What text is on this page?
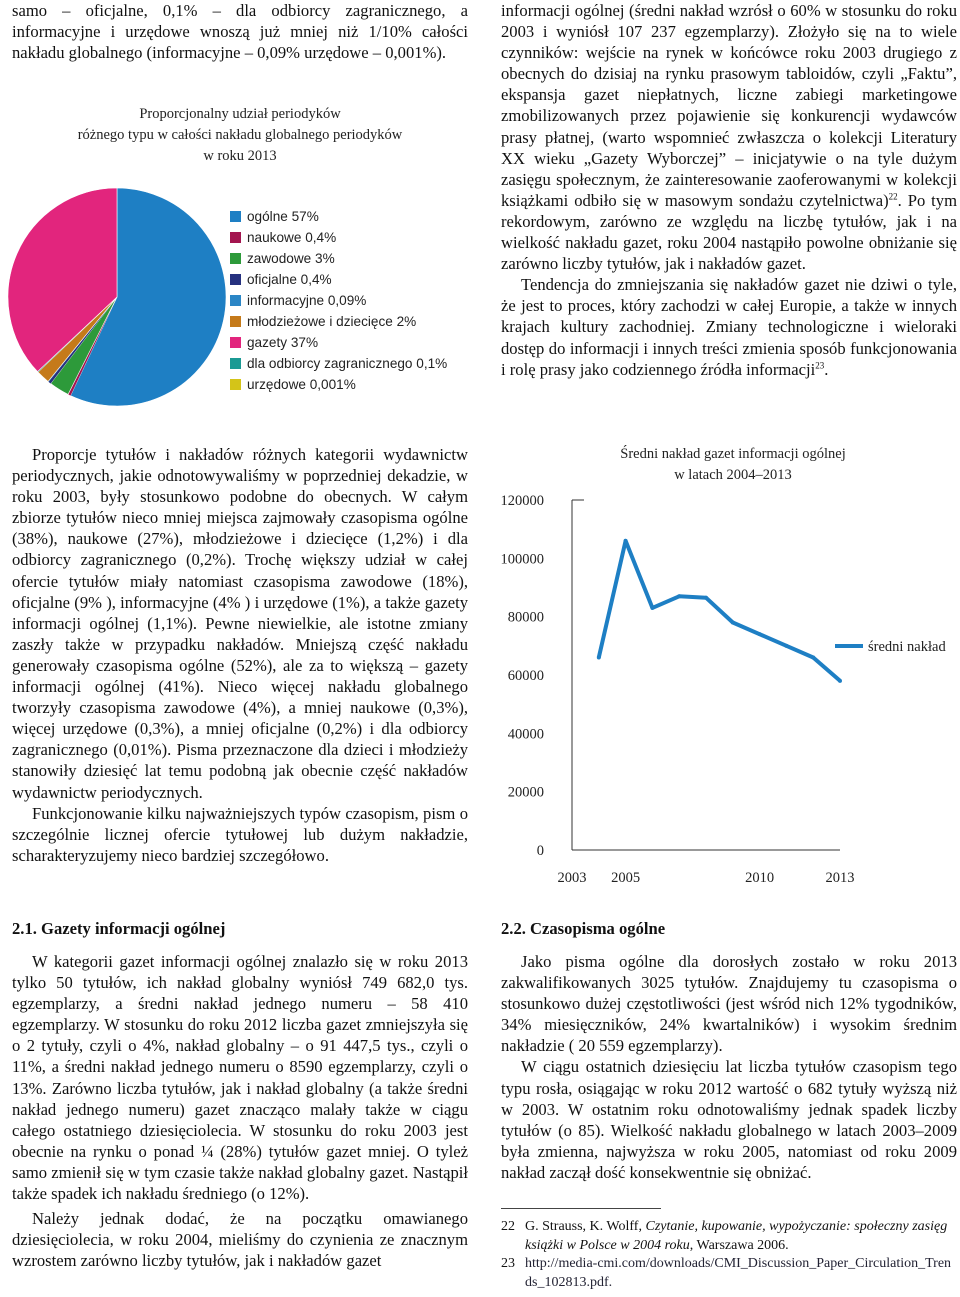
samo – oficjalne, 0,1% – dla odbiorcy zagranicznego, a informacyjne i urzędowe wnoszą już mniej niż 1/10% całości nakładu globalnego (informacyjne – 0,09% urzędowe – 0,001%).

Proporcjonalny udział periodyków
różnego typu w całości nakładu globalnego periodyków
w roku 2013
ogólne 57%
naukowe 0,4%
zawodowe 3%
oficjalne 0,4%
informacyjne 0,09%
młodzieżowe i dziecięce 2%
gazety 37%
dla odbiorcy zagranicznego 0,1%
urzędowe 0,001%

Proporcje tytułów i nakładów różnych kategorii wydawnictw periodycznych, jakie odnotowywaliśmy w poprzedniej dekadzie, w roku 2003, były stosunkowo podobne do obecnych. W całym zbiorze tytułów nieco mniej miejsca zajmowały czasopisma ogólne (38%), naukowe (27%), młodzieżowe i dziecięce (1,2%) i dla odbiorcy zagranicznego (0,2%). Trochę większy udział w całej ofercie tytułów miały natomiast czasopisma zawodowe (18%), oficjalne (9% ), informacyjne (4% ) i urzędowe (1%), a także gazety informacji ogólnej (1,1%). Pewne niewielkie, ale istotne zmiany zaszły także w przypadku nakładów. Mniejszą część nakładu generowały czasopisma ogólne (52%), ale za to większą – gazety informacji ogólnej (41%). Nieco więcej nakładu globalnego tworzyły czasopisma zawodowe (4%), a mniej naukowe (0,3%), więcej urzędowe (0,3%), a mniej oficjalne (0,2%) i dla odbiorcy zagranicznego (0,01%). Pisma przeznaczone dla dzieci i młodzieży stanowiły dziesięć lat temu podobną jak obecnie część nakładów wydawnictw periodycznych.

Funkcjonowanie kilku najważniejszych typów czasopism, pism o szczególnie licznej ofercie tytułowej lub dużym nakładzie, scharakteryzujemy nieco bardziej szczegółowo.

2.1. Gazety informacji ogólnej

W kategorii gazet informacji ogólnej znalazło się w roku 2013 tylko 50 tytułów, ich nakład globalny wyniósł 749 682,0 tys. egzemplarzy, a średni nakład jednego numeru – 58 410 egzemplarzy. W stosunku do roku 2012 liczba gazet zmniejszyła się o 2 tytuły, czyli o 4%, nakład globalny – o 91 447,5 tys., czyli o 11%, a średni nakład jednego numeru o 8590 egzemplarzy, czyli o 13%. Zarówno liczba tytułów, jak i nakład globalny (a także średni nakład jednego numeru) gazet znacząco malały także w ciągu całego ostatniego dziesięciolecia. W stosunku do roku 2003 jest obecnie na rynku o ponad ¼ (28%) tytułów gazet mniej. O tyleż samo zmienił się w tym czasie także nakład globalny gazet. Nastąpił także spadek ich nakładu średniego (o 12%).

Należy jednak dodać, że na początku omawianego dziesięciolecia, w roku 2004, mieliśmy do czynienia ze znacznym wzrostem zarówno liczby tytułów, jak i nakładów gazet

informacji ogólnej (średni nakład wzrósł o 60% w stosunku do roku 2003 i wyniósł 107 237 egzemplarzy). Złożyło się na to wiele czynników: wejście na rynek w końcówce roku 2003 drugiego z obecnych do dzisiaj na rynku prasowym tabloidów, czyli „Faktu”, ekspansja gazet niepłatnych, liczne zabiegi marketingowe zmobilizowanych przez pojawienie się konkurencji wydawców prasy płatnej, (warto wspomnieć zwłaszcza o kolekcji Literatury XX wieku „Gazety Wyborczej” – inicjatywie o na tyle dużym zasięgu społecznym, że zainteresowanie zaoferowanymi w kolekcji książkami odbiło się w masowym sondażu czytelnictwa)$^{22}$. Po tym rekordowym, zarówno ze względu na liczbę tytułów, jak i na wielkość nakładu gazet, roku 2004 nastąpiło powolne obniżanie się zarówno liczby tytułów, jak i nakładów gazet.

Tendencja do zmniejszania się nakładów gazet nie dziwi o tyle, że jest to proces, który zachodzi w całej Europie, a także w innych krajach kultury zachodniej. Zmiany technologiczne i wieloraki dostęp do informacji i innych treści zmienia sposób funkcjonowania i rolę prasy jako codziennego źródła informacji$^{23}$.

Średni nakład gazet informacji ogólnej
w latach 2004–2013
120000
100000
80000
60000
40000
20000
0
2003 2005	2010	2013
średni nakład
2.2. Czasopisma ogólne

Jako pisma ogólne dla dorosłych zostało w roku 2013 zakwalifikowanych 3025 tytułów. Znajdujemy tu czasopisma o stosunkowo dużej częstotliwości (jest wśród nich 12% tygodników, 34% miesięczników, 24% kwartalników) i wysokim średnim nakładzie ( 20 559 egzemplarzy).

W ciągu ostatnich dziesięciu lat liczba tytułów czasopism tego typu rosła, osiągając w roku 2012 wartość o 682 tytuły wyższą niż w 2003. W ostatnim roku odnotowaliśmy jednak spadek liczby tytułów (o 85). Wielkość nakładu globalnego w latach 2003–2009 była zmienna, najwyższa w roku 2005, natomiast od roku 2009 nakład zaczął dość konsekwentnie się obniżać.

22 G. Strauss, K. Wolff, Czytanie, kupowanie, wypożyczanie: społeczny zasięg książki w Polsce w 2004 roku, Warszawa 2006.
23 http://media-cmi.com/downloads/CMI_Discussion_Paper_Circulation_Trends_102813.pdf.
